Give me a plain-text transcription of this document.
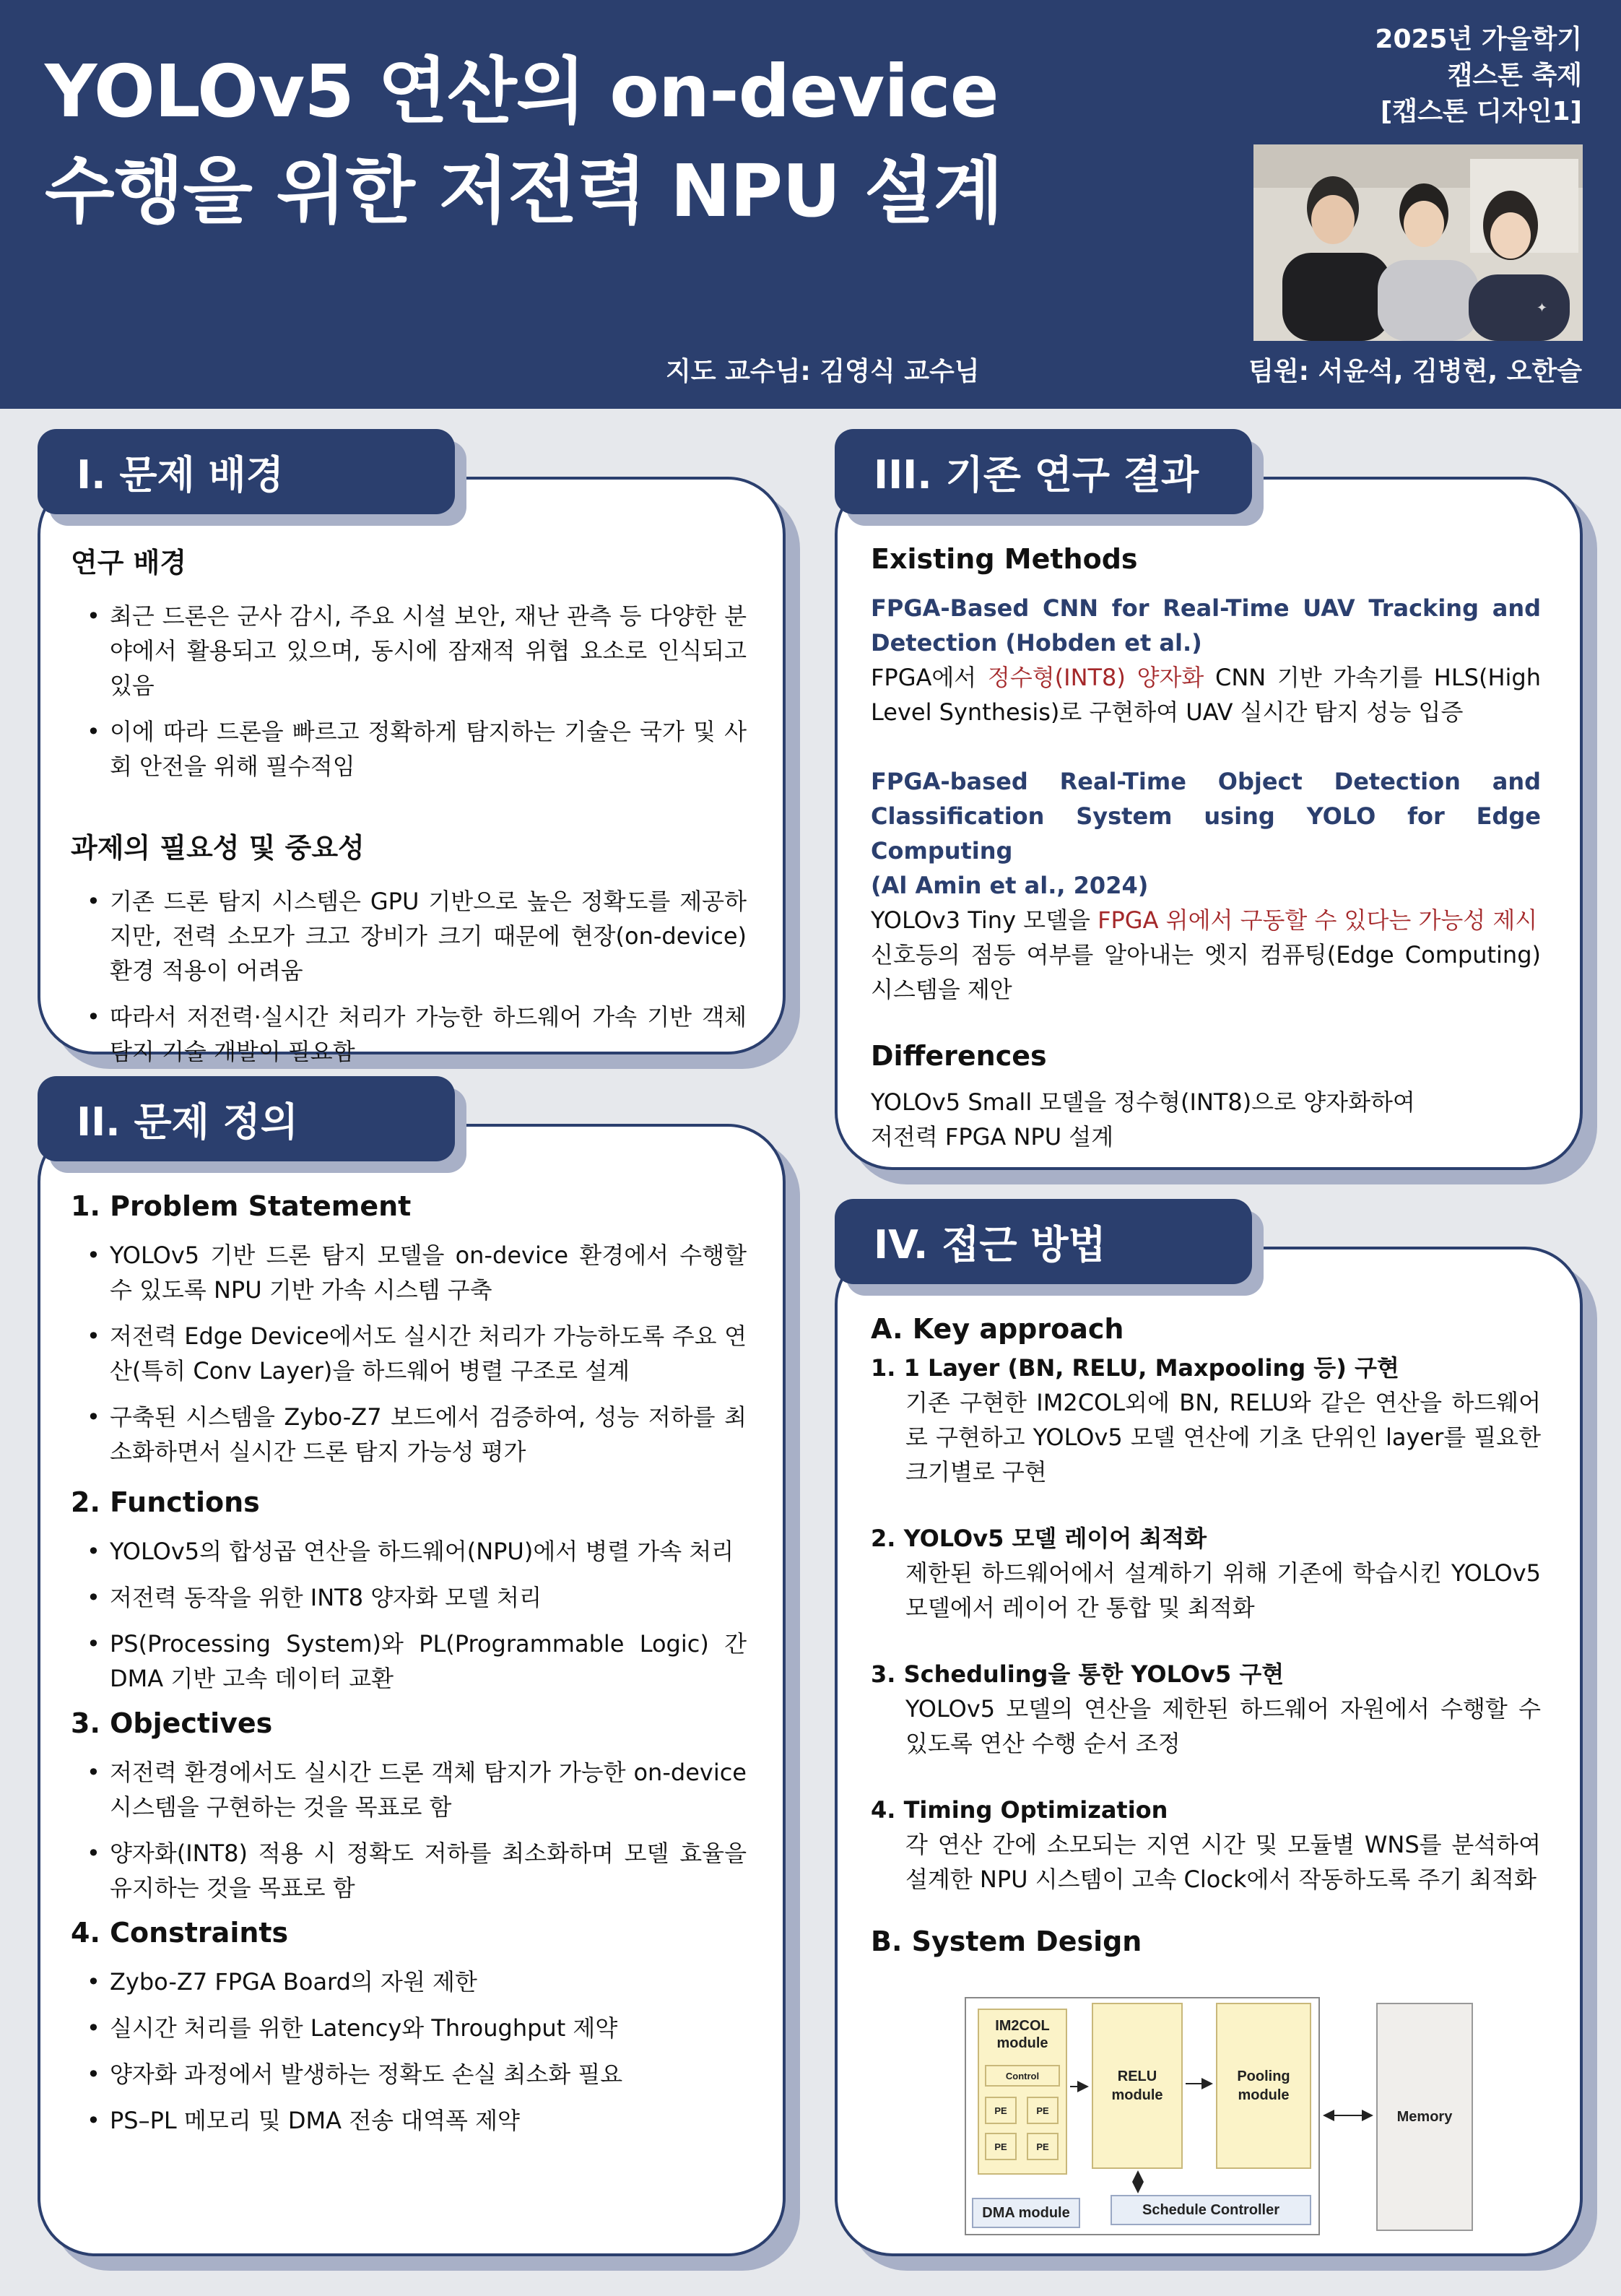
YOLOv5 연산의 on-device
수행을 위한 저전력 NPU 설계
2025년 가을학기
캡스톤 축제
[캡스톤 디자인1]
✦
지도 교수님: 김영식 교수님	팀원: 서윤석, 김병현, 오한슬
I. 문제 배경
연구 배경
• 최근 드론은 군사 감시, 주요 시설 보안, 재난 관측 등 다양한 분야에서 활용되고 있으며, 동시에 잠재적 위협 요소로 인식되고 있음
• 이에 따라 드론을 빠르고 정확하게 탐지하는 기술은 국가 및 사회 안전을 위해 필수적임
과제의 필요성 및 중요성
• 기존 드론 탐지 시스템은 GPU 기반으로 높은 정확도를 제공하지만, 전력 소모가 크고 장비가 크기 때문에 현장(on-device) 환경 적용이 어려움
• 따라서 저전력·실시간 처리가 가능한 하드웨어 가속 기반 객체 탐지 기술 개발이 필요함
II. 문제 정의
1. Problem Statement
• YOLOv5 기반 드론 탐지 모델을 on-device 환경에서 수행할 수 있도록 NPU 기반 가속 시스템 구축
• 저전력 Edge Device에서도 실시간 처리가 가능하도록 주요 연산(특히 Conv Layer)을 하드웨어 병렬 구조로 설계
• 구축된 시스템을 Zybo-Z7 보드에서 검증하여, 성능 저하를 최소화하면서 실시간 드론 탐지 가능성 평가
2. Functions
• YOLOv5의 합성곱 연산을 하드웨어(NPU)에서 병렬 가속 처리
• 저전력 동작을 위한 INT8 양자화 모델 처리
• PS(Processing System)와 PL(Programmable Logic) 간 DMA 기반 고속 데이터 교환
3. Objectives
• 저전력 환경에서도 실시간 드론 객체 탐지가 가능한 on-device 시스템을 구현하는 것을 목표로 함
• 양자화(INT8) 적용 시 정확도 저하를 최소화하며 모델 효율을 유지하는 것을 목표로 함
4. Constraints
• Zybo-Z7 FPGA Board의 자원 제한
• 실시간 처리를 위한 Latency와 Throughput 제약
• 양자화 과정에서 발생하는 정확도 손실 최소화 필요
• PS–PL 메모리 및 DMA 전송 대역폭 제약
III. 기존 연구 결과
Existing Methods
FPGA-Based CNN for Real-Time UAV Tracking and Detection (Hobden et al.)
FPGA에서 정수형(INT8) 양자화 CNN 기반 가속기를 HLS(High Level Synthesis)로 구현하여 UAV 실시간 탐지 성능 입증
FPGA-based Real-Time Object Detection and Classification System using YOLO for Edge Computing
(Al Amin et al., 2024)
YOLOv3 Tiny 모델을 FPGA 위에서 구동할 수 있다는 가능성 제시
신호등의 점등 여부를 알아내는 엣지 컴퓨팅(Edge Computing) 시스템을 제안
Differences
YOLOv5 Small 모델을 정수형(INT8)으로 양자화하여
저전력 FPGA NPU 설계
IV. 접근 방법
A. Key approach
1. 1 Layer (BN, RELU, Maxpooling 등) 구현
기존 구현한 IM2COL외에 BN, RELU와 같은 연산을 하드웨어로 구현하고 YOLOv5 모델 연산에 기초 단위인 layer를 필요한 크기별로 구현
2. YOLOv5 모델 레이어 최적화
제한된 하드웨어에서 설계하기 위해 기존에 학습시킨 YOLOv5 모델에서 레이어 간 통합 및 최적화
3. Scheduling을 통한 YOLOv5 구현
YOLOv5 모델의 연산을 제한된 하드웨어 자원에서 수행할 수 있도록 연산 수행 순서 조정
4. Timing Optimization
각 연산 간에 소모되는 지연 시간 및 모듈별 WNS를 분석하여 설계한 NPU 시스템이 고속 Clock에서 작동하도록 주기 최적화
B. System Design
IM2COL module
Control
PE	PE
PE	PE
RELU module
Pooling module
Memory
DMA module	Schedule Controller
